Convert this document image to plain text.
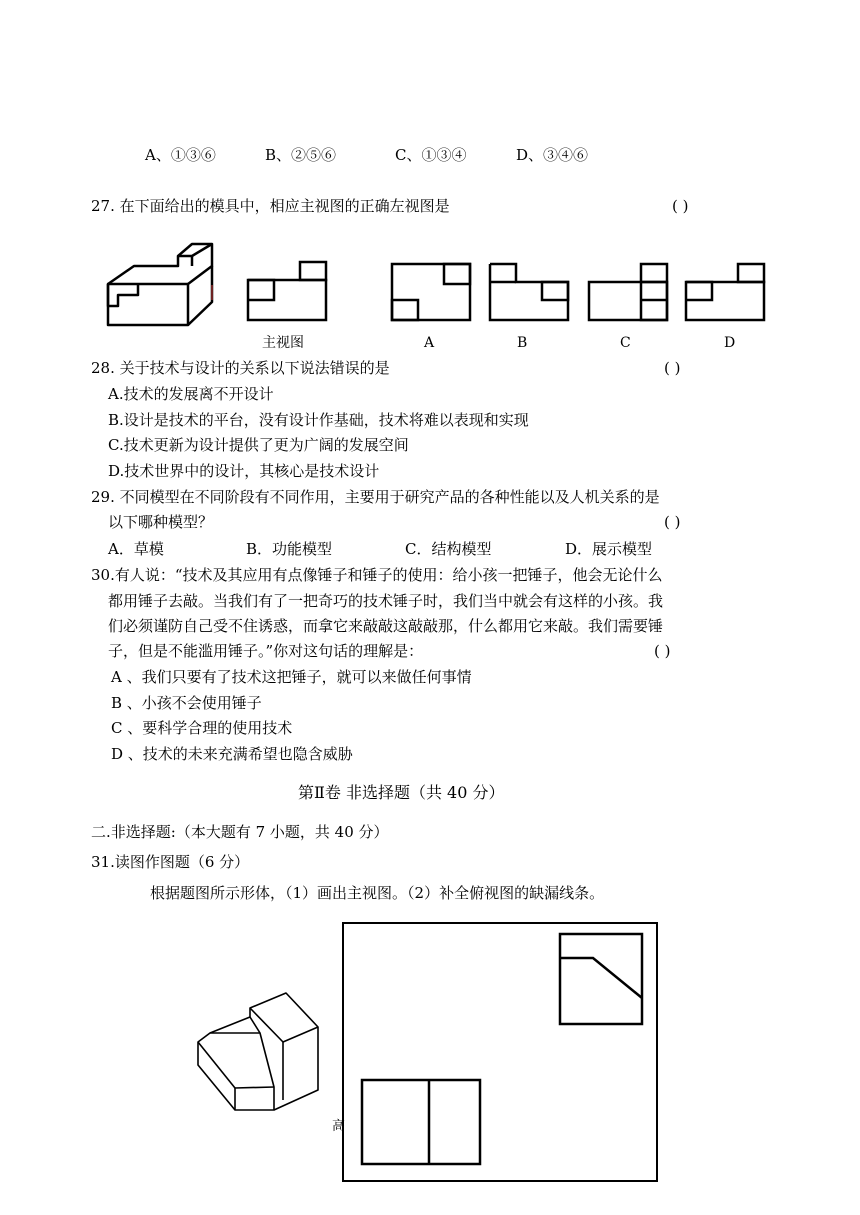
A、①③⑥	B、②⑤⑥	C、①③④	D、③④⑥
27. 在下面给出的模具中，相应主视图的正确左视图是	( )
主视图	A	B	C	D
28. 关于技术与设计的关系以下说法错误的是	( )
A.技术的发展离不开设计
B.设计是技术的平台，没有设计作基础，技术将难以表现和实现
C.技术更新为设计提供了更为广阔的发展空间
D.技术世界中的设计，其核心是技术设计
29. 不同模型在不同阶段有不同作用，主要用于研究产品的各种性能以及人机关系的是
以下哪种模型？	( )
A．草模	B．功能模型	C．结构模型	D．展示模型
30.有人说：“技术及其应用有点像锤子和锤子的使用：给小孩一把锤子，他会无论什么
都用锤子去敲。当我们有了一把奇巧的技术锤子时，我们当中就会有这样的小孩。我
们必须谨防自己受不住诱惑，而拿它来敲敲这敲敲那，什么都用它来敲。我们需要锤
子，但是不能滥用锤子。”你对这句话的理解是：	( )
A 、我们只要有了技术这把锤子，就可以来做任何事情
B 、小孩不会使用锤子
C 、要科学合理的使用技术
D 、技术的未来充满希望也隐含威胁
第Ⅱ卷 非选择题（共 40 分）
二.非选择题:（本大题有 7 小题，共 40 分）
31.读图作图题（6 分）
根据题图所示形体，（1）画出主视图。（2）补全俯视图的缺漏线条。
高
